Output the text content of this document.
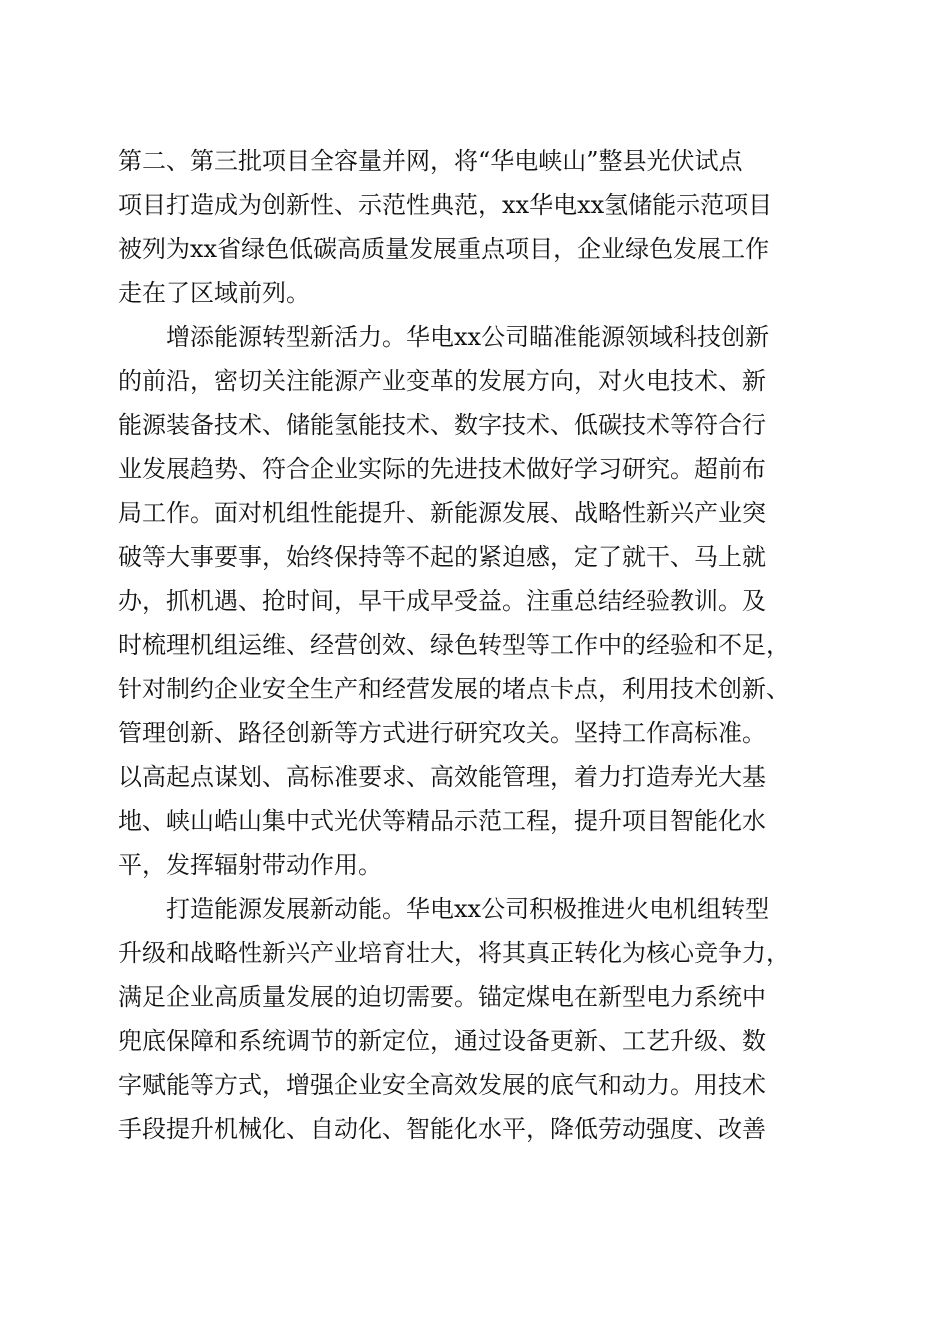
第二、第三批项目全容量并网，将“华电峡山”整县光伏试点
项目打造成为创新性、示范性典范，xx华电xx氢储能示范项目
被列为xx省绿色低碳高质量发展重点项目，企业绿色发展工作
走在了区域前列。
增添能源转型新活力。华电xx公司瞄准能源领域科技创新
的前沿，密切关注能源产业变革的发展方向，对火电技术、新
能源装备技术、储能氢能技术、数字技术、低碳技术等符合行
业发展趋势、符合企业实际的先进技术做好学习研究。超前布
局工作。面对机组性能提升、新能源发展、战略性新兴产业突
破等大事要事，始终保持等不起的紧迫感，定了就干、马上就
办，抓机遇、抢时间，早干成早受益。注重总结经验教训。及
时梳理机组运维、经营创效、绿色转型等工作中的经验和不足，
针对制约企业安全生产和经营发展的堵点卡点，利用技术创新、
管理创新、路径创新等方式进行研究攻关。坚持工作高标准。
以高起点谋划、高标准要求、高效能管理，着力打造寿光大基
地、峡山峼山集中式光伏等精品示范工程，提升项目智能化水
平，发挥辐射带动作用。
打造能源发展新动能。华电xx公司积极推进火电机组转型
升级和战略性新兴产业培育壮大，将其真正转化为核心竞争力，
满足企业高质量发展的迫切需要。锚定煤电在新型电力系统中
兜底保障和系统调节的新定位，通过设备更新、工艺升级、数
字赋能等方式，增强企业安全高效发展的底气和动力。用技术
手段提升机械化、自动化、智能化水平，降低劳动强度、改善
